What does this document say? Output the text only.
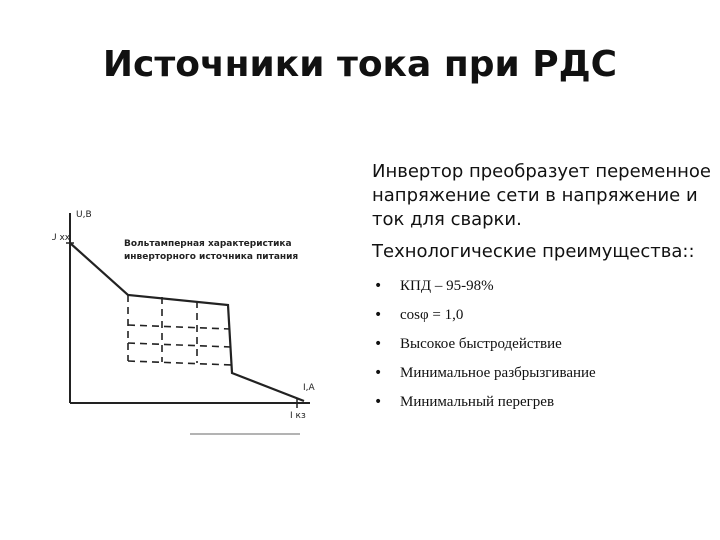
Источники тока при РДС
U,В
U хх
I,А
I кз
Вольтамперная характеристика
инверторного источника питания

Инвертор преобразует переменное напряжение сети в напряжение и ток для сварки.

Технологические преимущества::

• КПД – 95-98%
• cosφ = 1,0
• Высокое быстродействие
• Минимальное разбрызгивание
• Минимальный перегрев
